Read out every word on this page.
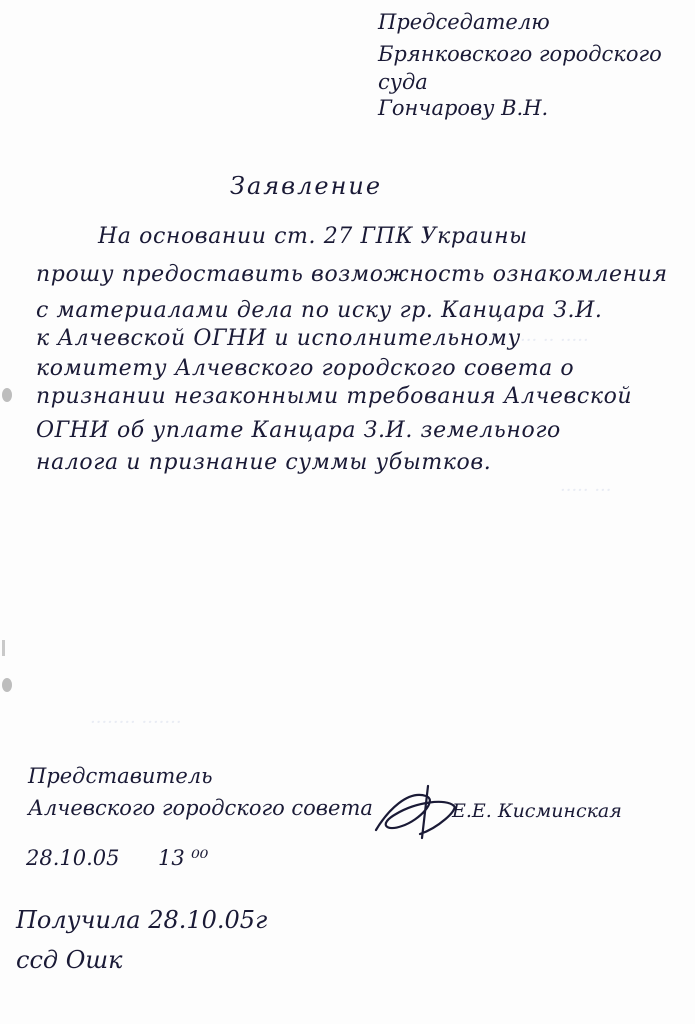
··· ·· ·····
····· ···
········ ·······
Председателю
Брянковского городского
суда
Гончарову В.Н.
Заявление
На основании ст. 27 ГПК Украины
прошу предоставить возможность ознакомления
с материалами дела по иску гр. Канцара З.И.
к Алчевской ОГНИ и исполнительному
комитету Алчевского городского совета о
признании незаконными требования Алчевской
ОГНИ об уплате Канцара З.И. земельного
налога и признание суммы убытков.
Представитель
Алчевского городского совета	Е.Е. Кисминская
28.10.05 13 ⁰⁰
Получила 28.10.05г
ссд Ошк
